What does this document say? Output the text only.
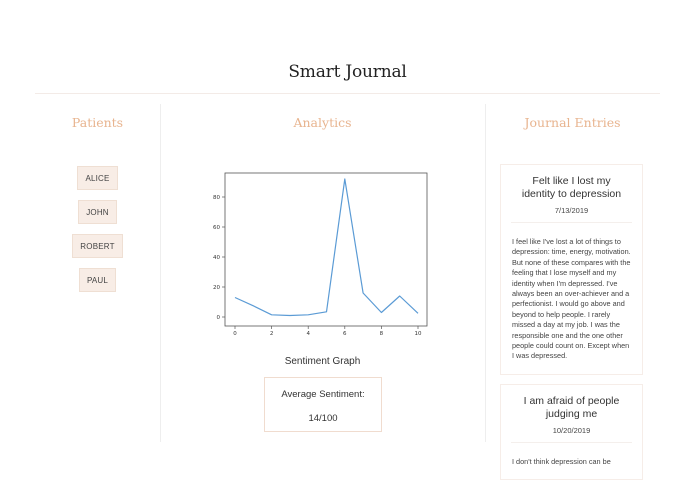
Smart Journal
Patients
ALICE
JOHN
ROBERT
PAUL
Analytics
0
20
40
60
80
0	2	4	6	8	10
Sentiment Graph
Average Sentiment:
14/100
Journal Entries
Felt like I lost my identity to depression
7/13/2019
I feel like I've lost a lot of things to depression: time, energy, motivation. But none of these compares with the feeling that I lose myself and my identity when I'm depressed. I've always been an over-achiever and a perfectionist. I would go above and beyond to help people. I rarely missed a day at my job. I was the responsible one and the one other people could count on. Except when I was depressed.
I am afraid of people judging me
10/20/2019
I don't think depression can be
